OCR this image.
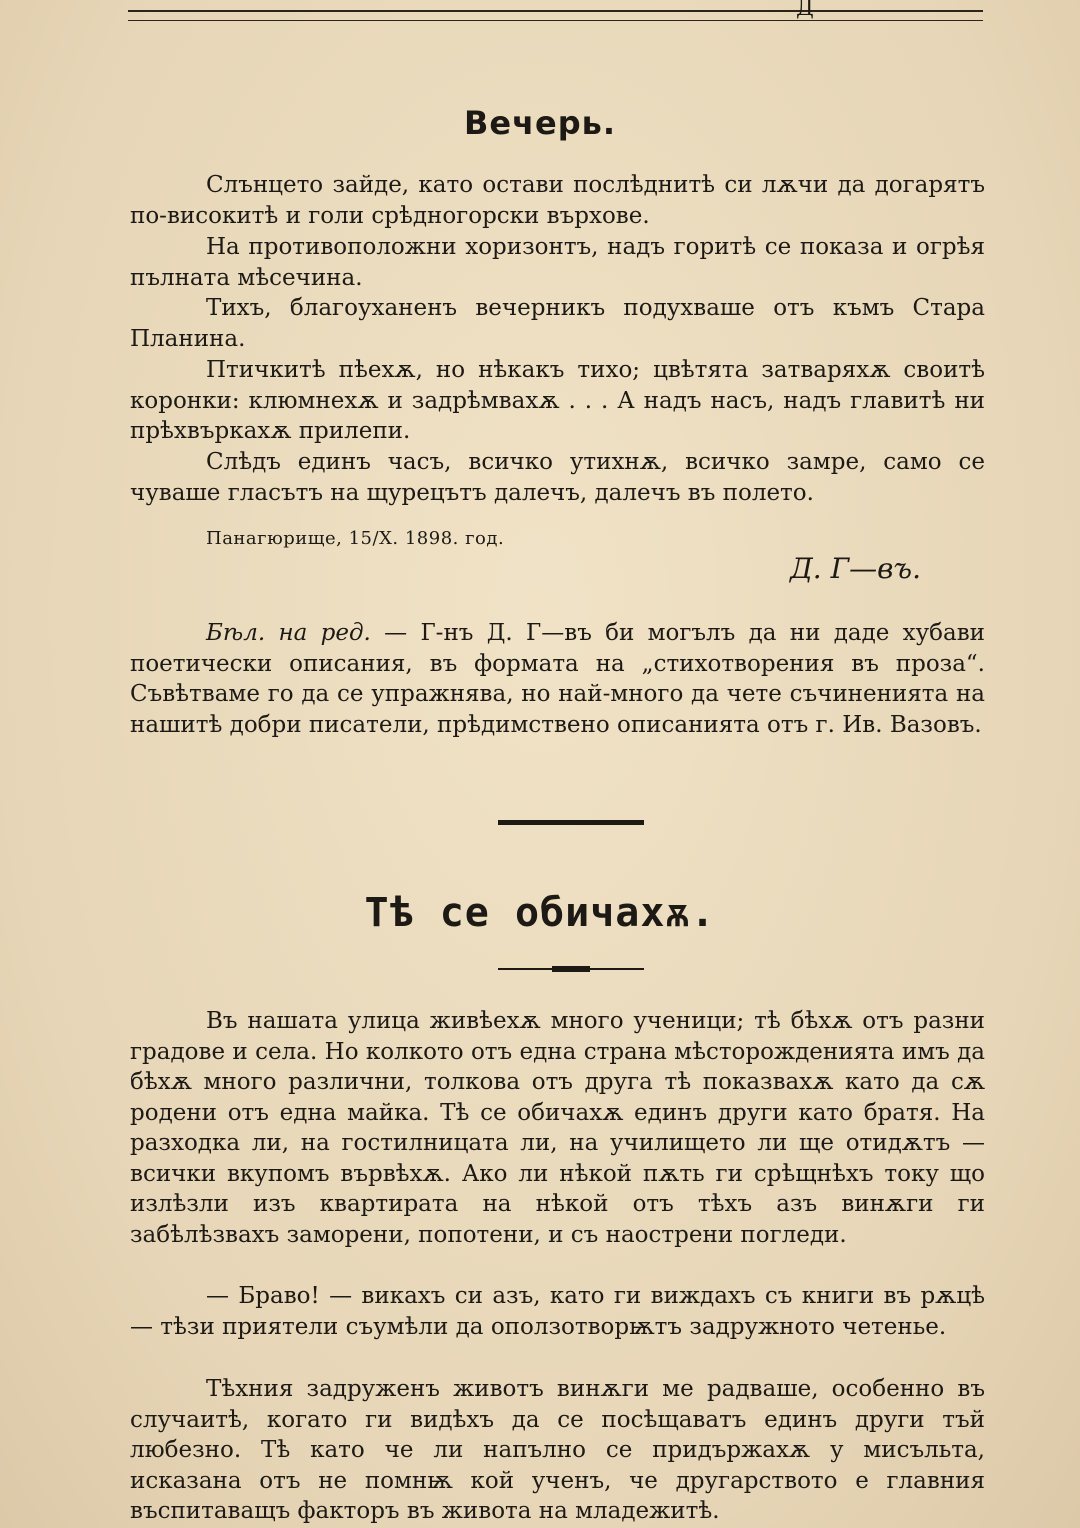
Д
Вечерь.

Слънцето зайде, като остави послѣднитѣ си лѫчи да догарятъ по-високитѣ и голи срѣдногорски върхове.

На противоположни хоризонтъ, надъ горитѣ се показа и огрѣя пълната мѣсечина.

Тихъ, благоуханенъ вечерникъ подухваше отъ къмъ Стара Планина.

Птичкитѣ пѣехѫ, но нѣкакъ тихо; цвѣтята затваряхѫ своитѣ коронки: клюмнехѫ и задрѣмвахѫ . . . А надъ насъ, надъ главитѣ ни прѣхвъркахѫ прилепи.

Слѣдъ единъ часъ, всичко утихнѫ, всичко замре, само се чуваше гласътъ на щурецътъ далечъ, далечъ въ полето.

Панагюрище, 15/X. 1898. год.

Д. Г—въ.

Бѣл. на ред. — Г-нъ Д. Г—въ би могълъ да ни даде хубави поетически описания, въ формата на „стихотворения въ проза“. Съвѣтваме го да се упражнява, но най-много да чете съчиненията на нашитѣ добри писатели, прѣдимствено описанията отъ г. Ив. Вазовъ.

Тѣ се обичахѫ.

Въ нашата улица живѣехѫ много ученици; тѣ бѣхѫ отъ разни градове и села. Но колкото отъ една страна мѣсторожденията имъ да бѣхѫ много различни, толкова отъ друга тѣ показвахѫ като да сѫ родени отъ една майка. Тѣ се обичахѫ единъ други като братя. На разходка ли, на гостилницата ли, на училището ли ще отидѫтъ — всички вкупомъ вървѣхѫ. Ако ли нѣкой пѫть ги срѣщнѣхъ току що излѣзли изъ квартирата на нѣкой отъ тѣхъ азъ винѫги ги забѣлѣзвахъ заморени, попотени, и съ наострени погледи.

— Браво! — викахъ си азъ, като ги виждахъ съ книги въ рѫцѣ — тѣзи приятели съумѣли да оползотворѭтъ задружното четенье.

Тѣхния задруженъ животъ винѫги ме радваше, особенно въ случаитѣ, когато ги видѣхъ да се посѣщаватъ единъ други тъй любезно. Тѣ като че ли напълно се придържахѫ у мисъльта, исказана отъ не помнѭ кой ученъ, че другарството е главния въспитаващъ факторъ въ живота на младежитѣ.
